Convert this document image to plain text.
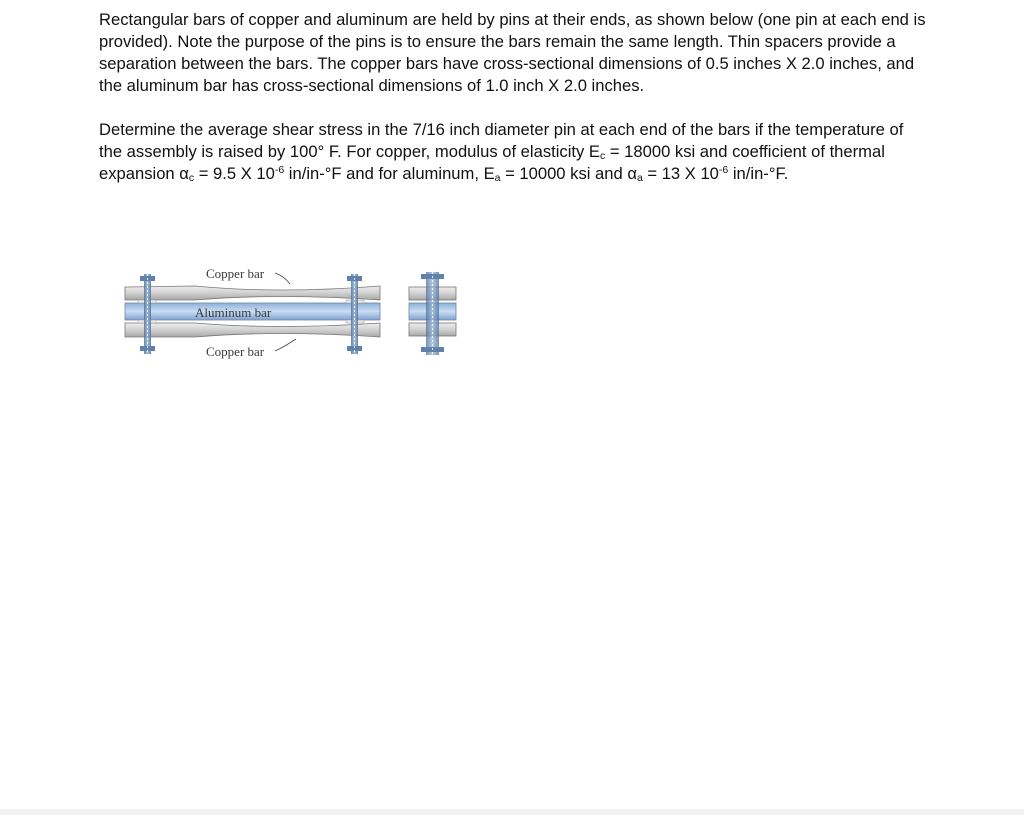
Rectangular bars of copper and aluminum are held by pins at their ends, as shown below (one pin at each end is provided). Note the purpose of the pins is to ensure the bars remain the same length. Thin spacers provide a separation between the bars. The copper bars have cross-sectional dimensions of 0.5 inches X 2.0 inches, and the aluminum bar has cross-sectional dimensions of 1.0 inch X 2.0 inches.

Determine the average shear stress in the 7/16 inch diameter pin at each end of the bars if the temperature of the assembly is raised by 100° F. For copper, modulus of elasticity $E_c = 18000$ ksi and coefficient of thermal expansion $\alpha_c = 9.5$ X $10^{-6}$ in/in-°F and for aluminum, $E_a = 10000$ ksi and $\alpha_a = 13$ X $10^{-6}$ in/in-°F.

Copper bar
Aluminum bar
Copper bar
